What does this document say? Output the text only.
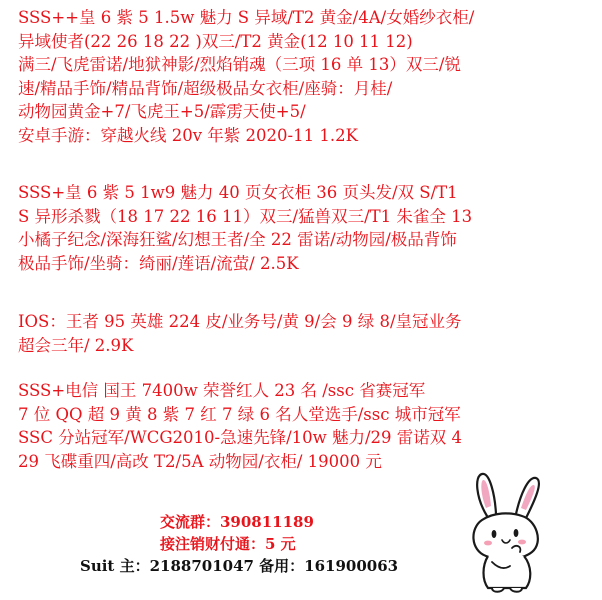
SSS++皇 6 紫 5 1.5w 魅力 S 异域/T2 黄金/4A/女婚纱衣柜/
异域使者(22 26 18 22 )双三/T2 黄金(12 10 11 12)
满三/飞虎雷诺/地狱神影/烈焰销魂（三项 16 单 13）双三/锐
速/精品手饰/精品背饰/超级极品女衣柜/座骑：月桂/
动物园黄金+7/飞虎王+5/霹雳天使+5/
安卓手游：穿越火线 20v 年紫 2020-11 1.2K
SSS+皇 6 紫 5 1w9 魅力 40 页女衣柜 36 页头发/双 S/T1
S 异形杀戮（18 17 22 16 11）双三/猛兽双三/T1 朱雀全 13
小橘子纪念/深海狂鲨/幻想王者/全 22 雷诺/动物园/极品背饰
极品手饰/坐骑：绮丽/莲语/流萤/ 2.5K
IOS：王者 95 英雄 224 皮/业务号/黄 9/会 9 绿 8/皇冠业务
超会三年/ 2.9K
SSS+电信 国王 7400w 荣誉红人 23 名 /ssc 省赛冠军
7 位 QQ 超 9 黄 8 紫 7 红 7 绿 6 名人堂选手/ssc 城市冠军
SSC 分站冠军/WCG2010-急速先锋/10w 魅力/29 雷诺双 4
29 飞碟重四/高改 T2/5A 动物园/衣柜/ 19000 元
交流群：390811189
接注销财付通：5 元
Suit 主：2188701047 备用：161900063
